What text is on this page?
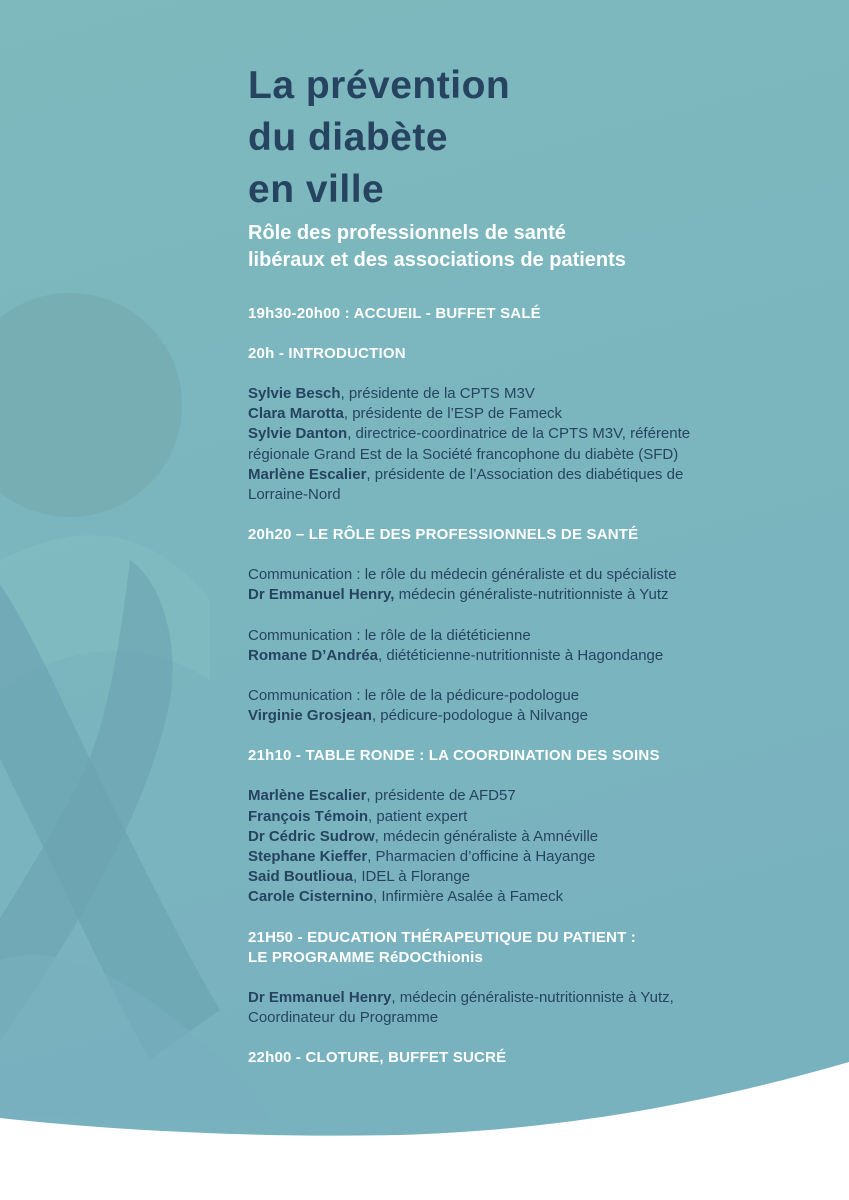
La prévention
du diabète
en ville
Rôle des professionnels de santé
libéraux et des associations de patients

19h30-20h00 : ACCUEIL - BUFFET SALÉ

20h - INTRODUCTION

Sylvie Besch, présidente de la CPTS M3V

Clara Marotta, présidente de l’ESP de Fameck

Sylvie Danton, directrice-coordinatrice de la CPTS M3V, référente

régionale Grand Est de la Société francophone du diabète (SFD)

Marlène Escalier, présidente de l’Association des diabétiques de

Lorraine-Nord

20h20 – LE RÔLE DES PROFESSIONNELS DE SANTÉ

Communication : le rôle du médecin généraliste et du spécialiste

Dr Emmanuel Henry, médecin généraliste-nutritionniste à Yutz

Communication : le rôle de la diététicienne

Romane D’Andréa, diététicienne-nutritionniste à Hagondange

Communication : le rôle de la pédicure-podologue

Virginie Grosjean, pédicure-podologue à Nilvange

21h10 - TABLE RONDE : LA COORDINATION DES SOINS

Marlène Escalier, présidente de AFD57

François Témoin, patient expert

Dr Cédric Sudrow, médecin généraliste à Amnéville

Stephane Kieffer, Pharmacien d’officine à Hayange

Said Boutlioua, IDEL à Florange

Carole Cisternino, Infirmière Asalée à Fameck

21H50 - EDUCATION THÉRAPEUTIQUE DU PATIENT :

LE PROGRAMME RéDOCthionis

Dr Emmanuel Henry, médecin généraliste-nutritionniste à Yutz,

Coordinateur du Programme

22h00 - CLOTURE, BUFFET SUCRÉ
